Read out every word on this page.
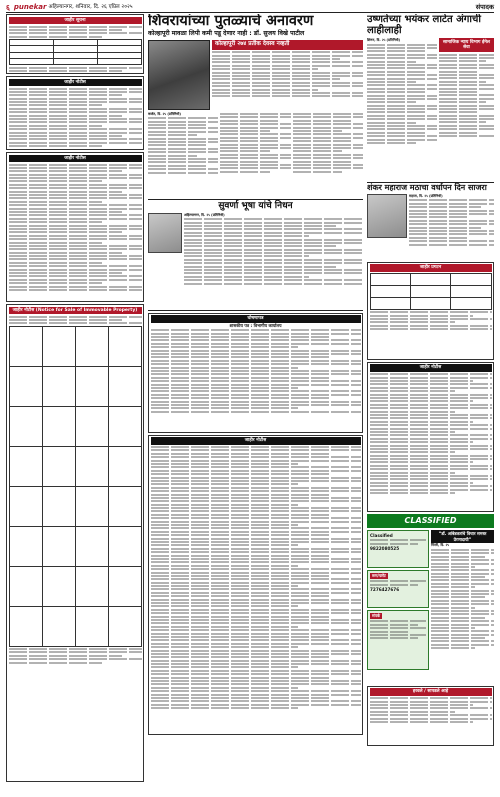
६ punekar अहिल्यानगर, शनिवार, दि. २६ एप्रिल २०२५	संपादक
जाहीर सूचना

जाहीर नोटीस
जाहीर नोटीस
जाहीर नोटीस (Notice for Sale of Immovable Property)

शिवरायांच्या पुतळ्याचे अनावरण
कोल्हापूरी मावळा लिपी कमी पडू देणार नाही : डॉ. सुजय विखे पाटील
कोल्हापूरी २७४ प्रतीक देवस्व नव्हती
कर्जत, दि. २५ (प्रतिनिधी)
सुवर्णा भूषा यांचे निधन
अहिल्यानगर, दि. २५ (प्रतिनिधी)
घोषणापत्र
शासकीय पत्र : विभागीय कार्यालय
जाहीर नोटीस
उष्णतेच्या भयंकर लाटेत अंगाची लाहीलाही
शिरूर, दि. २५ (प्रतिनिधी)	सामाजिक न्याय विभाग ईमेल सेवा
शंकर महाराज मठाचा वर्धापन दिन साजरा
राहाता, दि. २५ (प्रतिनिधी)
जाहीर प्रगटन

जाहीर नोटीस
CLASSIFIED
Classified
9822080525
रूम/फ्लॅट
7276427676
संपर्क
“डॉ. आंबेडकरांचे विचार समस्त प्रेरणादायी”
पिंपरी, दि. २५
हरवले / सापडले आहे
